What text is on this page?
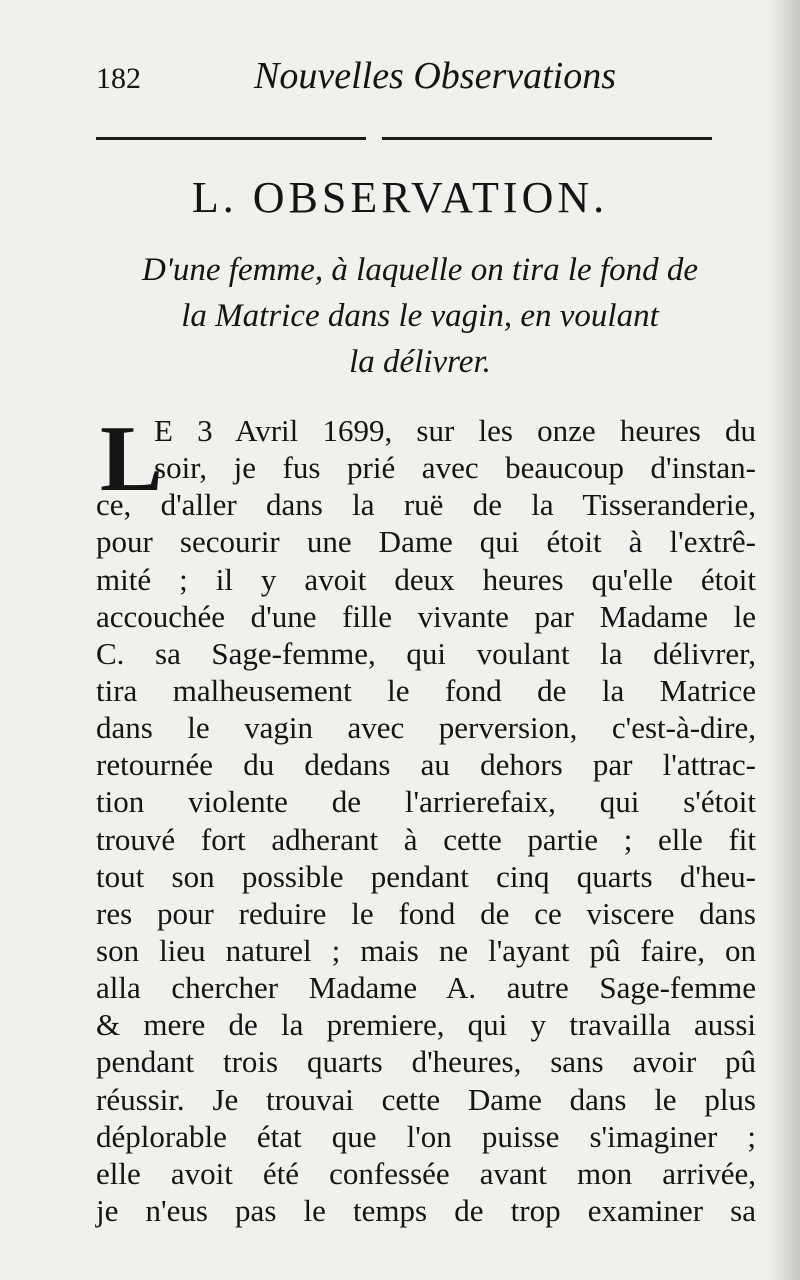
182	Nouvelles Observations
L. OBSERVATION.
D'une femme, à laquelle on tira le fond de
la Matrice dans le vagin, en voulant
la délivrer.
L
E 3 Avril 1699, sur les onze heures du
soir, je fus prié avec beaucoup d'instan-
ce, d'aller dans la ruë de la Tisseranderie,
pour secourir une Dame qui étoit à l'extrê-
mité ; il y avoit deux heures qu'elle étoit
accouchée d'une fille vivante par Madame le
C. sa Sage-femme, qui voulant la délivrer,
tira malheusement le fond de la Matrice
dans le vagin avec perversion, c'est-à-dire,
retournée du dedans au dehors par l'attrac-
tion violente de l'arrierefaix, qui s'étoit
trouvé fort adherant à cette partie ; elle fit
tout son possible pendant cinq quarts d'heu-
res pour reduire le fond de ce viscere dans
son lieu naturel ; mais ne l'ayant pû faire, on
alla chercher Madame A. autre Sage-femme
& mere de la premiere, qui y travailla aussi
pendant trois quarts d'heures, sans avoir pû
réussir. Je trouvai cette Dame dans le plus
déplorable état que l'on puisse s'imaginer ;
elle avoit été confessée avant mon arrivée,
je n'eus pas le temps de trop examiner sa
